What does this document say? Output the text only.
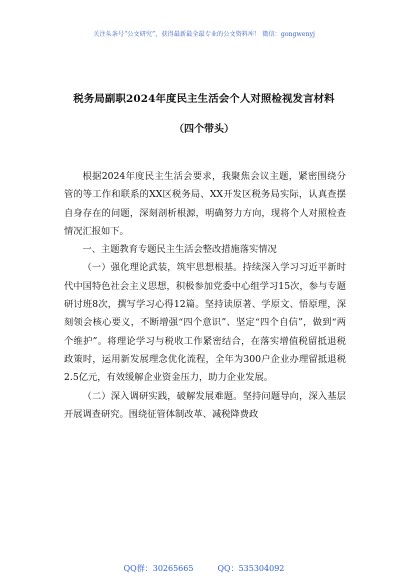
关注头条号“公文研究”，获得最新最全最专业的公文资料库！ 微信：gongwenyj
税务局副职2024年度民主生活会个人对照检视发言材料
（四个带头）

根据2024年度民主生活会要求，我聚焦会议主题，紧密围绕分管的等工作和联系的XX区税务局、XX开发区税务局实际，认真查摆自身存在的问题，深刻剖析根源，明确努力方向，现将个人对照检查情况汇报如下。

一、主题教育专题民主生活会整改措施落实情况

（一）强化理论武装，筑牢思想根基。持续深入学习习近平新时代中国特色社会主义思想，积极参加党委中心组学习15次，参与专题研讨班8次，撰写学习心得12篇。坚持读原著、学原文、悟原理，深刻领会核心要义，不断增强“四个意识”、坚定“四个自信”，做到“两个维护”。将理论学习与税收工作紧密结合，在落实增值税留抵退税政策时，运用新发展理念优化流程，全年为300户企业办理留抵退税2.5亿元，有效缓解企业资金压力，助力企业发展。

（二）深入调研实践，破解发展难题。坚持问题导向，深入基层开展调查研究。围绕征管体制改革、减税降费政

QQ群：30265665	QQ：535304092
